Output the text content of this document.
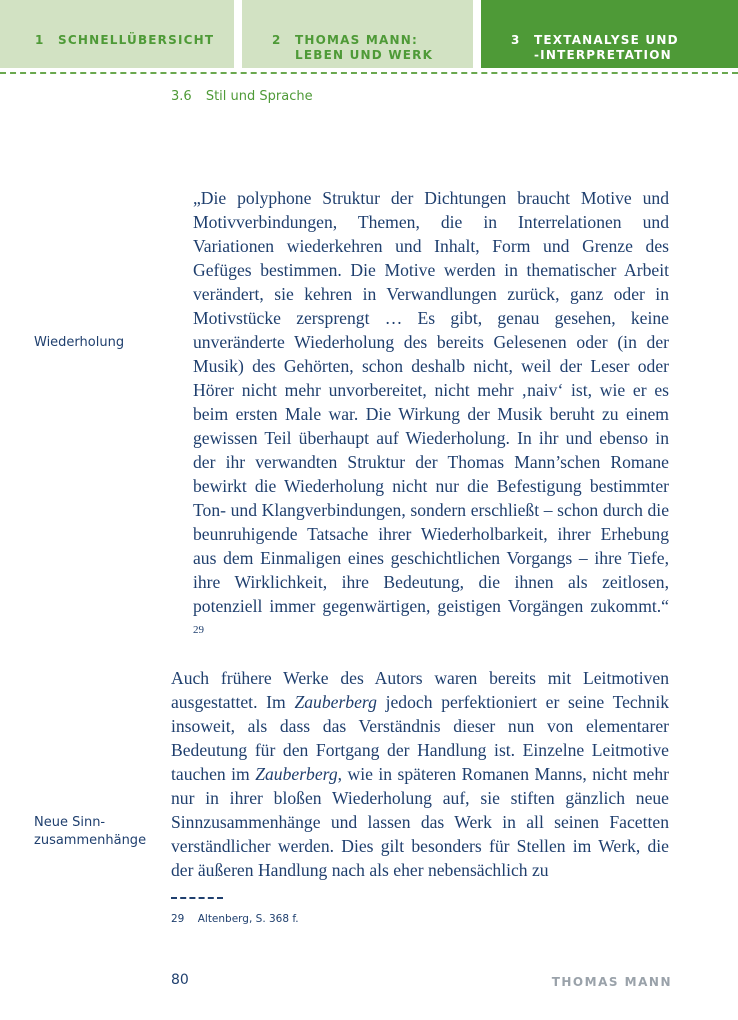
1 SCHNELLÜBERSICHT	2 THOMAS MANN:
LEBEN UND WERK
3 TEXTANALYSE UND
-INTERPRETATION
3.6 Stil und Sprache
Wiederholung
Neue Sinn-
zusammenhänge
„Die polyphone Struktur der Dichtungen braucht Motive und Motivverbindungen, Themen, die in Interrelationen und Variationen wiederkehren und Inhalt, Form und Grenze des Gefüges bestimmen. Die Motive werden in thematischer Arbeit verändert, sie kehren in Verwandlungen zurück, ganz oder in Motivstücke zersprengt … Es gibt, genau gesehen, keine unveränderte Wiederholung des bereits Gelesenen oder (in der Musik) des Gehörten, schon deshalb nicht, weil der Leser oder Hörer nicht mehr unvorbereitet, nicht mehr ‚naiv‘ ist, wie er es beim ersten Male war. Die Wirkung der Musik beruht zu einem gewissen Teil überhaupt auf Wiederholung. In ihr und ebenso in der ihr verwandten Struktur der Thomas Mann’schen Romane bewirkt die Wiederholung nicht nur die Befestigung bestimmter Ton- und Klangverbindungen, sondern erschließt – schon durch die beunruhigende Tatsache ihrer Wiederholbarkeit, ihrer Erhebung aus dem Einmaligen eines geschichtlichen Vorgangs – ihre Tiefe, ihre Wirklichkeit, ihre Bedeutung, die ihnen als zeitlosen, potenziell immer gegenwärtigen, geistigen Vorgängen zukommt.“ $^{29}$
Auch frühere Werke des Autors waren bereits mit Leitmotiven ausgestattet. Im Zauberberg jedoch perfektioniert er seine Technik insoweit, als dass das Verständnis dieser nun von elementarer Bedeutung für den Fortgang der Handlung ist. Einzelne Leitmotive tauchen im Zauberberg, wie in späteren Romanen Manns, nicht mehr nur in ihrer bloßen Wiederholung auf, sie stiften gänzlich neue Sinnzusammenhänge und lassen das Werk in all seinen Facetten verständlicher werden. Dies gilt besonders für Stellen im Werk, die der äußeren Handlung nach als eher nebensächlich zu
29 Altenberg, S. 368 f.
80	THOMAS MANN
